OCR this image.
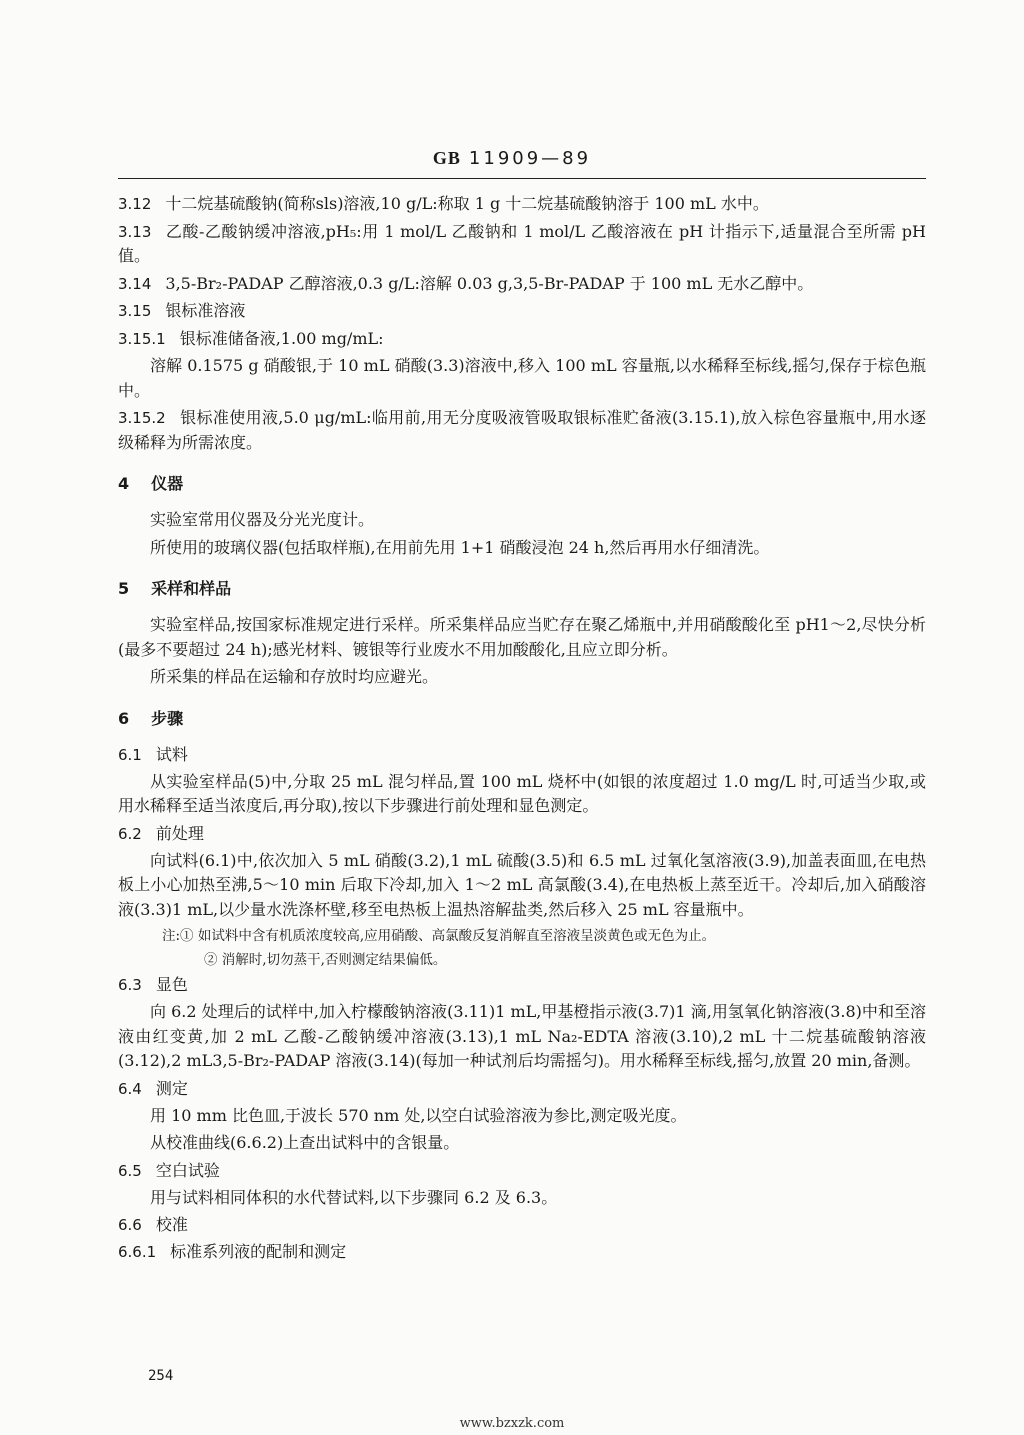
GB 11909—89

3.12 十二烷基硫酸钠(简称sls)溶液,10 g/L:称取 1 g 十二烷基硫酸钠溶于 100 mL 水中。

3.13 乙酸-乙酸钠缓冲溶液,pH₅:用 1 mol/L 乙酸钠和 1 mol/L 乙酸溶液在 pH 计指示下,适量混合至所需 pH 值。

3.14 3,5-Br₂-PADAP 乙醇溶液,0.3 g/L:溶解 0.03 g,3,5-Br-PADAP 于 100 mL 无水乙醇中。

3.15 银标准溶液

3.15.1 银标准储备液,1.00 mg/mL:

溶解 0.1575 g 硝酸银,于 10 mL 硝酸(3.3)溶液中,移入 100 mL 容量瓶,以水稀释至标线,摇匀,保存于棕色瓶中。

3.15.2 银标准使用液,5.0 μg/mL:临用前,用无分度吸液管吸取银标准贮备液(3.15.1),放入棕色容量瓶中,用水逐级稀释为所需浓度。

4 仪器

实验室常用仪器及分光光度计。

所使用的玻璃仪器(包括取样瓶),在用前先用 1+1 硝酸浸泡 24 h,然后再用水仔细清洗。

5 采样和样品

实验室样品,按国家标准规定进行采样。所采集样品应当贮存在聚乙烯瓶中,并用硝酸酸化至 pH1～2,尽快分析(最多不要超过 24 h);感光材料、镀银等行业废水不用加酸酸化,且应立即分析。

所采集的样品在运输和存放时均应避光。

6 步骤
6.1 试料

从实验室样品(5)中,分取 25 mL 混匀样品,置 100 mL 烧杯中(如银的浓度超过 1.0 mg/L 时,可适当少取,或用水稀释至适当浓度后,再分取),按以下步骤进行前处理和显色测定。

6.2 前处理

向试料(6.1)中,依次加入 5 mL 硝酸(3.2),1 mL 硫酸(3.5)和 6.5 mL 过氧化氢溶液(3.9),加盖表面皿,在电热板上小心加热至沸,5～10 min 后取下冷却,加入 1～2 mL 高氯酸(3.4),在电热板上蒸至近干。冷却后,加入硝酸溶液(3.3)1 mL,以少量水洗涤杯壁,移至电热板上温热溶解盐类,然后移入 25 mL 容量瓶中。

注:① 如试料中含有机质浓度较高,应用硝酸、高氯酸反复消解直至溶液呈淡黄色或无色为止。
② 消解时,切勿蒸干,否则测定结果偏低。
6.3 显色

向 6.2 处理后的试样中,加入柠檬酸钠溶液(3.11)1 mL,甲基橙指示液(3.7)1 滴,用氢氧化钠溶液(3.8)中和至溶液由红变黄,加 2 mL 乙酸-乙酸钠缓冲溶液(3.13),1 mL Na₂-EDTA 溶液(3.10),2 mL 十二烷基硫酸钠溶液(3.12),2 mL3,5-Br₂-PADAP 溶液(3.14)(每加一种试剂后均需摇匀)。用水稀释至标线,摇匀,放置 20 min,备测。

6.4 测定

用 10 mm 比色皿,于波长 570 nm 处,以空白试验溶液为参比,测定吸光度。

从校准曲线(6.6.2)上查出试料中的含银量。

6.5 空白试验

用与试料相同体积的水代替试料,以下步骤同 6.2 及 6.3。

6.6 校准
6.6.1 标准系列液的配制和测定
254
www.bzxzk.com
